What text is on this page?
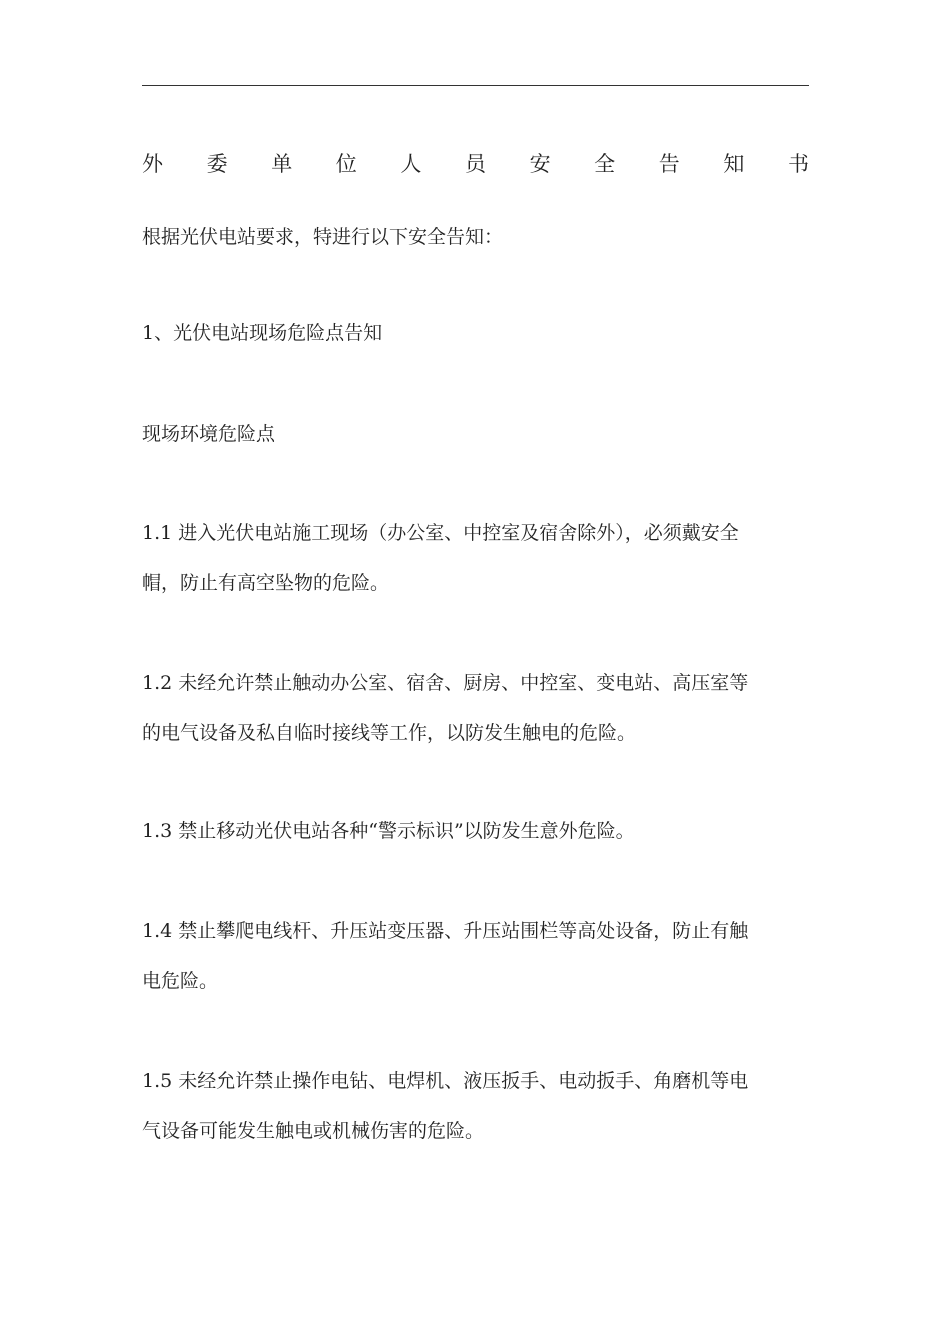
外 委 单 位 人 员 安 全 告 知 书

根据光伏电站要求，特进行以下安全告知：

1、光伏电站现场危险点告知

现场环境危险点

1.1 进入光伏电站施工现场（办公室、中控室及宿舍除外），必须戴安全
帽，防止有高空坠物的危险。

1.2 未经允许禁止触动办公室、宿舍、厨房、中控室、变电站、高压室等
的电气设备及私自临时接线等工作，以防发生触电的危险。

1.3 禁止移动光伏电站各种“警示标识”以防发生意外危险。

1.4 禁止攀爬电线杆、升压站变压器、升压站围栏等高处设备，防止有触
电危险。

1.5 未经允许禁止操作电钻、电焊机、液压扳手、电动扳手、角磨机等电
气设备可能发生触电或机械伤害的危险。
